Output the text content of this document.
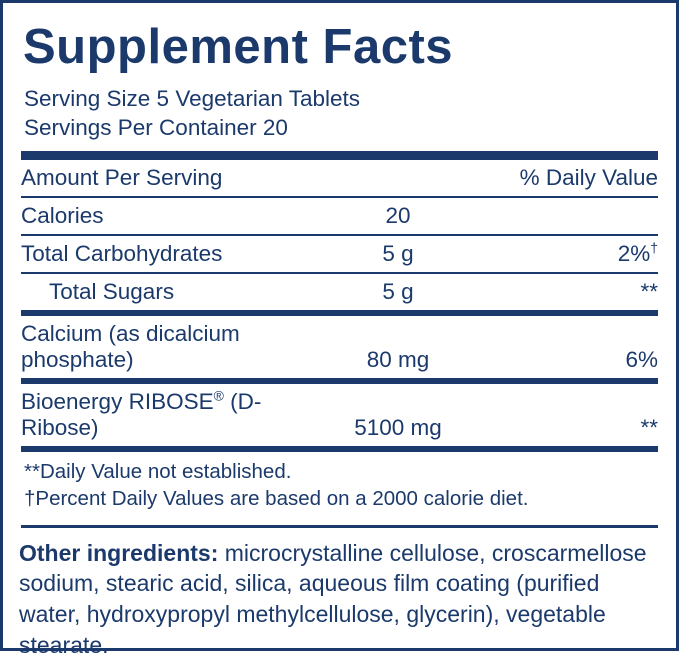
Supplement Facts
Serving Size 5 Vegetarian Tablets
Servings Per Container 20
Amount Per Serving		% Daily Value
Calories	20	
Total Carbohydrates	5 g	2%†
Total Sugars	5 g	**
Calcium (as dicalcium phosphate)	80 mg	6%
Bioenergy RIBOSE® (D-Ribose)	5100 mg	**
**Daily Value not established.
†Percent Daily Values are based on a 2000 calorie diet.
Other ingredients: microcrystalline cellulose, croscarmellose sodium, stearic acid, silica, aqueous film coating (purified water, hydroxypropyl methylcellulose, glycerin), vegetable stearate.
